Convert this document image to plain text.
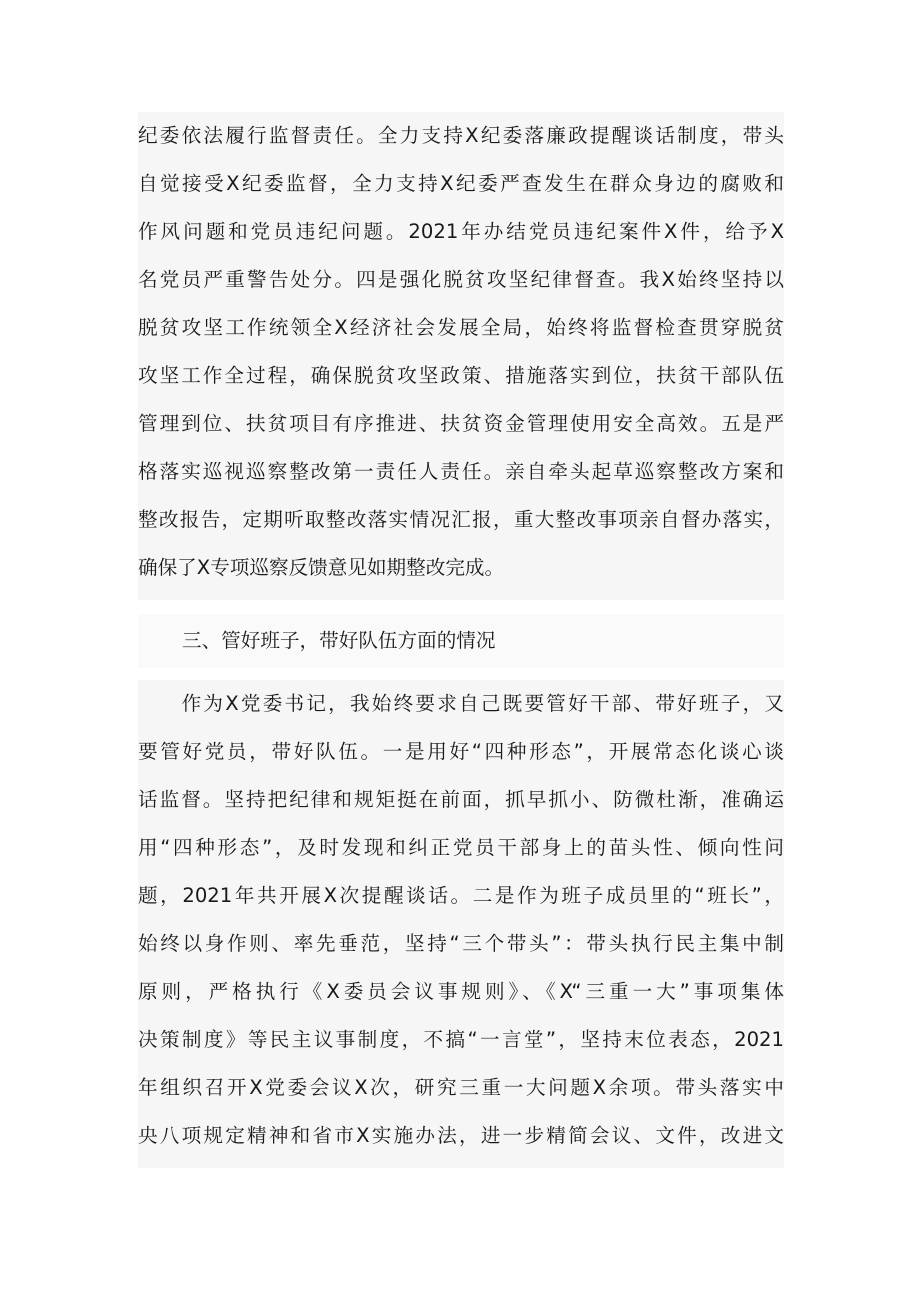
纪委依法履行监督责任。全力支持X纪委落廉政提醒谈话制度，带头
自觉接受X纪委监督，全力支持X纪委严查发生在群众身边的腐败和
作风问题和党员违纪问题。2021年办结党员违纪案件X件，给予X
名党员严重警告处分。四是强化脱贫攻坚纪律督查。我X始终坚持以
脱贫攻坚工作统领全X经济社会发展全局，始终将监督检查贯穿脱贫
攻坚工作全过程，确保脱贫攻坚政策、措施落实到位，扶贫干部队伍
管理到位、扶贫项目有序推进、扶贫资金管理使用安全高效。五是严
格落实巡视巡察整改第一责任人责任。亲自牵头起草巡察整改方案和
整改报告，定期听取整改落实情况汇报，重大整改事项亲自督办落实，
确保了X专项巡察反馈意见如期整改完成。
三、管好班子，带好队伍方面的情况
　　作为X党委书记，我始终要求自己既要管好干部、带好班子，又
要管好党员，带好队伍。一是用好“四种形态”，开展常态化谈心谈
话监督。坚持把纪律和规矩挺在前面，抓早抓小、防微杜渐，准确运
用“四种形态”，及时发现和纠正党员干部身上的苗头性、倾向性问
题，2021年共开展X次提醒谈话。二是作为班子成员里的“班长”，
始终以身作则、率先垂范，坚持“三个带头”：带头执行民主集中制
原则，严格执行《X委员会议事规则》、《X“三重一大”事项集体
决策制度》等民主议事制度，不搞“一言堂”，坚持末位表态，2021
年组织召开X党委会议X次，研究三重一大问题X余项。带头落实中
央八项规定精神和省市X实施办法，进一步精简会议、文件，改进文
